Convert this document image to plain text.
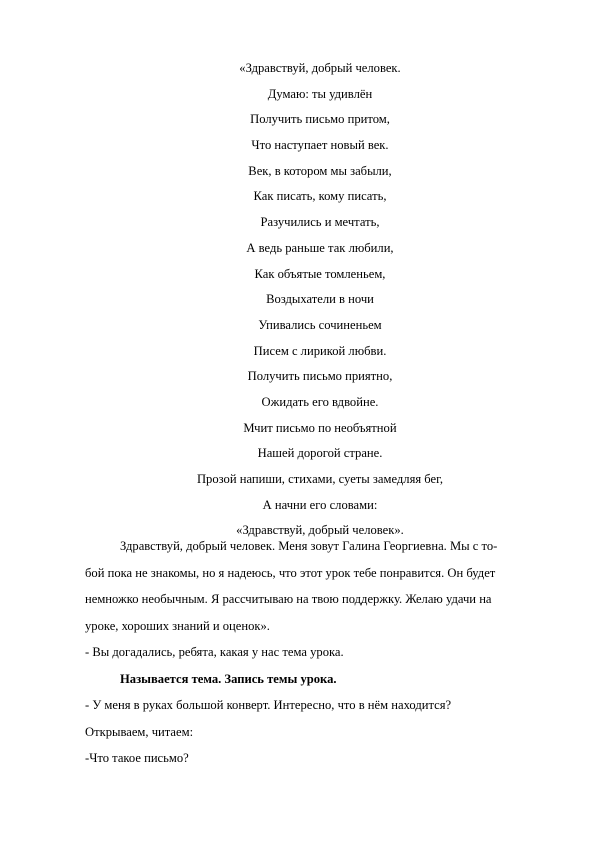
«Здравствуй, добрый человек.
Думаю: ты удивлён
Получить письмо притом,
Что наступает новый век.
Век, в котором мы забыли,
Как писать, кому писать,
Разучились и мечтать,
А ведь раньше так любили,
Как объятые томленьем,
Воздыхатели в ночи
Упивались сочиненьем
Писем с лирикой любви.
Получить письмо приятно,
Ожидать его вдвойне.
Мчит письмо по необъятной
Нашей дорогой стране.
Прозой напиши, стихами, суеты замедляя бег,
А начни его словами:
«Здравствуй, добрый человек».
Здравствуй, добрый человек. Меня зовут Галина Георгиевна. Мы с то-
бой пока не знакомы, но я надеюсь, что этот урок тебе понравится. Он будет
немножко необычным. Я рассчитываю на твою поддержку. Желаю удачи на
уроке, хороших знаний и оценок».
- Вы догадались, ребята, какая у нас тема урока.
Называется тема. Запись темы урока.
- У меня в руках большой конверт. Интересно, что в нём находится?
Открываем, читаем:
-Что такое письмо?
